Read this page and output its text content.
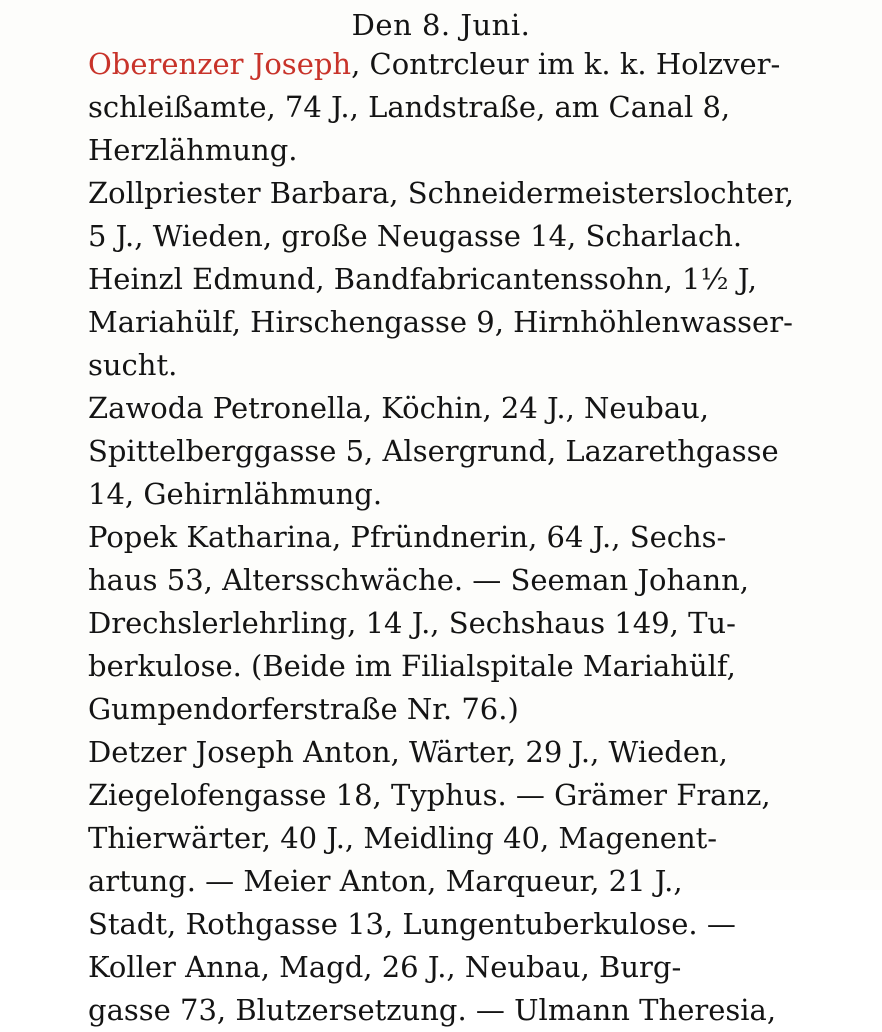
Den 8. Juni.
Oberenzer Joseph, Contrcleur im k. k. Holzver-
schleißamte, 74 J., Landstraße, am Canal 8,
Herzlähmung.
Zollpriester Barbara, Schneidermeisterslochter,
5 J., Wieden, große Neugasse 14, Scharlach.
Heinzl Edmund, Bandfabricantenssohn, 1½ J,
Mariahülf, Hirschengasse 9, Hirnhöhlenwasser-
sucht.
Zawoda Petronella, Köchin, 24 J., Neubau,
Spittelberggasse 5, Alsergrund, Lazarethgasse
14, Gehirnlähmung.
Popek Katharina, Pfründnerin, 64 J., Sechs-
haus 53, Altersschwäche. — Seeman Johann,
Drechslerlehrling, 14 J., Sechshaus 149, Tu-
berkulose. (Beide im Filialspitale Mariahülf,
Gumpendorferstraße Nr. 76.)
Detzer Joseph Anton, Wärter, 29 J., Wieden,
Ziegelofengasse 18, Typhus. — Grämer Franz,
Thierwärter, 40 J., Meidling 40, Magenent-
artung. — Meier Anton, Marqueur, 21 J.,
Stadt, Rothgasse 13, Lungentuberkulose. —
Koller Anna, Magd, 26 J., Neubau, Burg-
gasse 73, Blutzersetzung. — Ulmann Theresia,
